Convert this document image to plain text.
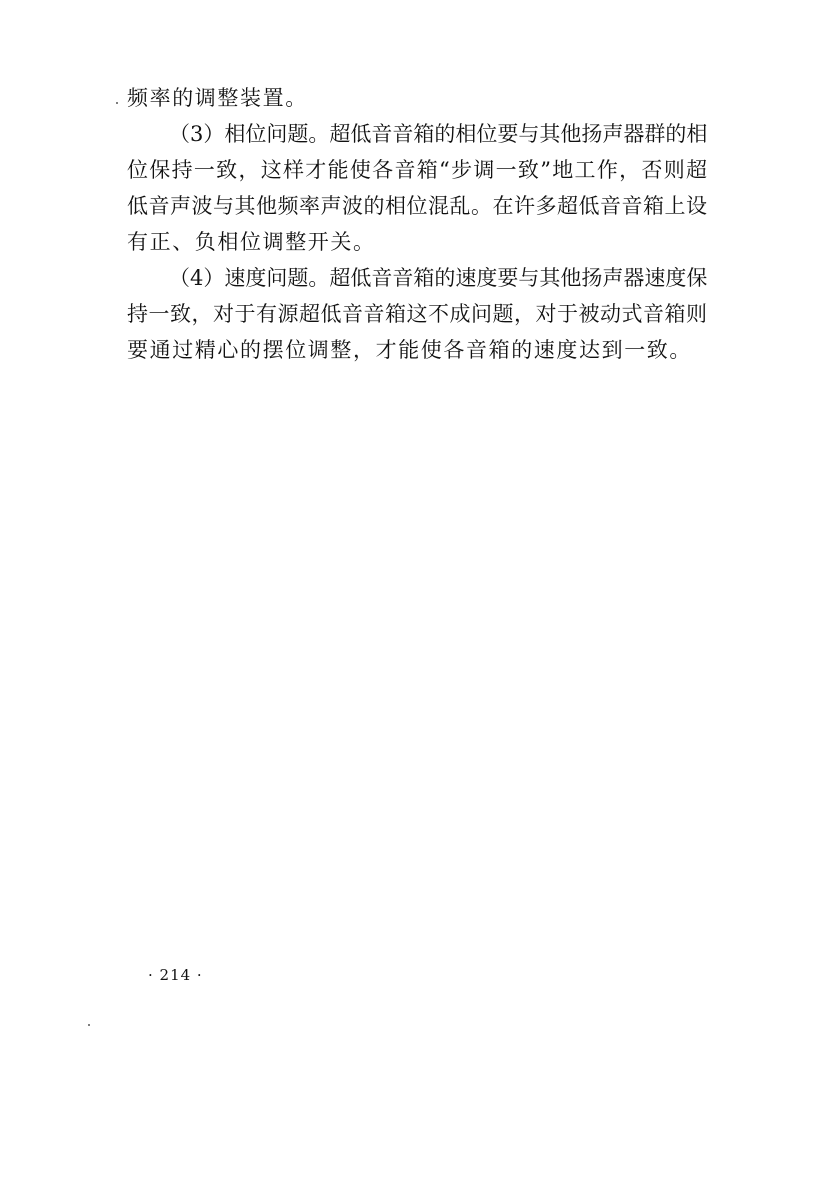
频率的调整装置。
（3）相位问题。超低音音箱的相位要与其他扬声器群的相
位保持一致，这样才能使各音箱“步调一致”地工作，否则超
低音声波与其他频率声波的相位混乱。在许多超低音音箱上设
有正、负相位调整开关。
（4）速度问题。超低音音箱的速度要与其他扬声器速度保
持一致，对于有源超低音音箱这不成问题，对于被动式音箱则
要通过精心的摆位调整，才能使各音箱的速度达到一致。
· 214 ·
